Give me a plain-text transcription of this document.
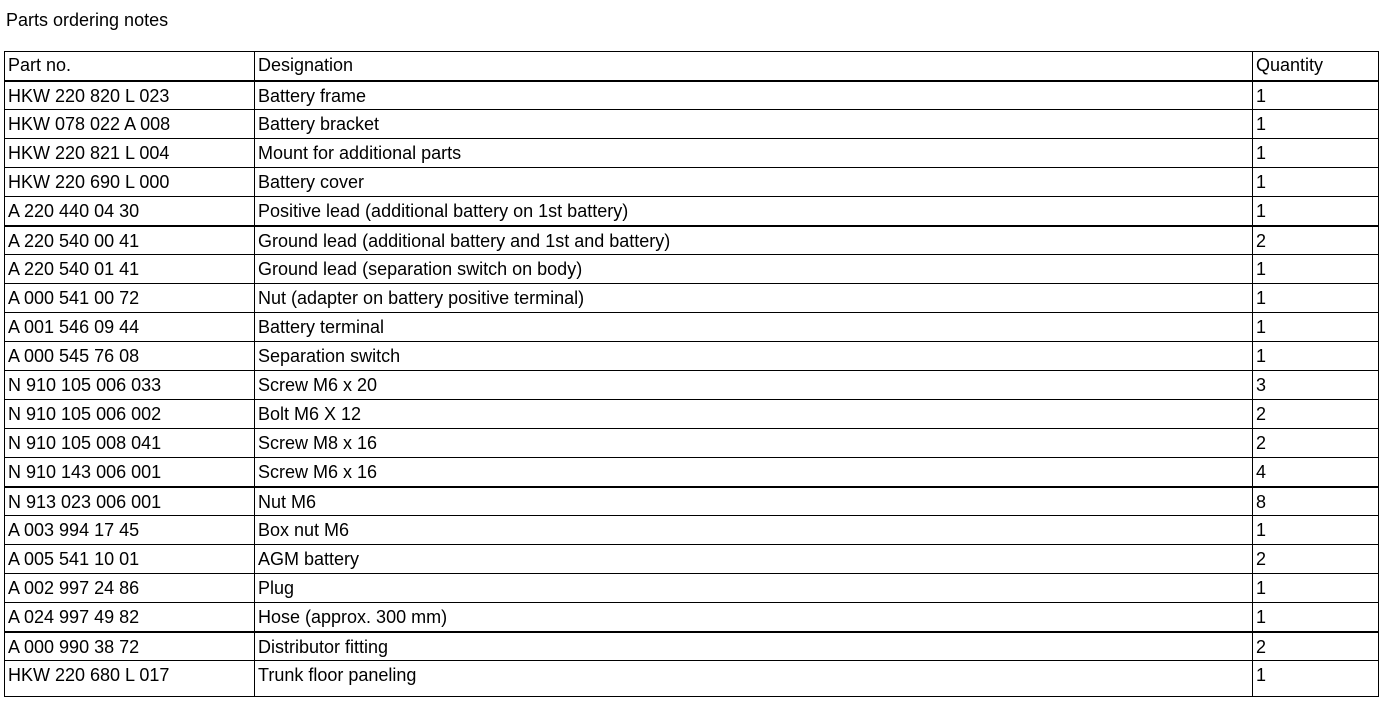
Parts ordering notes
Part no.	Designation	Quantity
HKW 220 820 L 023	Battery frame	1
HKW 078 022 A 008	Battery bracket	1
HKW 220 821 L 004	Mount for additional parts	1
HKW 220 690 L 000	Battery cover	1
A 220 440 04 30	Positive lead (additional battery on 1st battery)	1
A 220 540 00 41	Ground lead (additional battery and 1st and battery)	2
A 220 540 01 41	Ground lead (separation switch on body)	1
A 000 541 00 72	Nut (adapter on battery positive terminal)	1
A 001 546 09 44	Battery terminal	1
A 000 545 76 08	Separation switch	1
N 910 105 006 033	Screw M6 x 20	3
N 910 105 006 002	Bolt M6 X 12	2
N 910 105 008 041	Screw M8 x 16	2
N 910 143 006 001	Screw M6 x 16	4
N 913 023 006 001	Nut M6	8
A 003 994 17 45	Box nut M6	1
A 005 541 10 01	AGM battery	2
A 002 997 24 86	Plug	1
A 024 997 49 82	Hose (approx. 300 mm)	1
A 000 990 38 72	Distributor fitting	2
HKW 220 680 L 017	Trunk floor paneling	1
